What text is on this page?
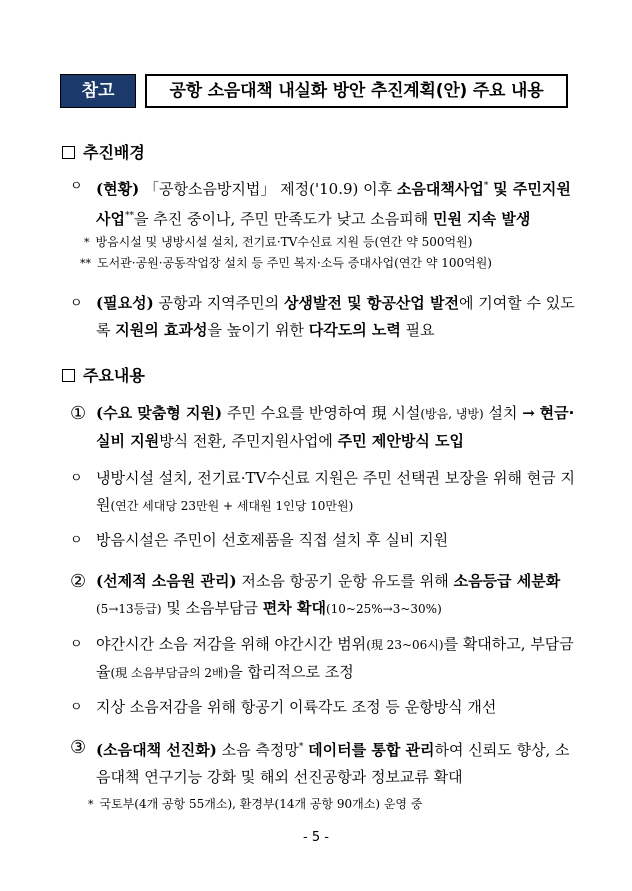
참고	공항 소음대책 내실화 방안 추진계획(안) 주요 내용
추진배경
ㅇ (현황) 「공항소음방지법」 제정('10.9) 이후 소음대책사업* 및 주민지원 사업**을 추진 중이나, 주민 만족도가 낮고 소음피해 민원 지속 발생
* 방음시설 및 냉방시설 설치, 전기료·TV수신료 지원 등(연간 약 500억원)
** 도서관·공원·공동작업장 설치 등 주민 복지·소득 증대사업(연간 약 100억원)
ㅇ (필요성) 공항과 지역주민의 상생발전 및 항공산업 발전에 기여할 수 있도록 지원의 효과성을 높이기 위한 다각도의 노력 필요
주요내용
① (수요 맞춤형 지원) 주민 수요를 반영하여 現 시설(방음, 냉방) 설치 → 현금·실비 지원방식 전환, 주민지원사업에 주민 제안방식 도입
ㅇ 냉방시설 설치, 전기료·TV수신료 지원은 주민 선택권 보장을 위해 현금 지원(연간 세대당 23만원 + 세대원 1인당 10만원)
ㅇ 방음시설은 주민이 선호제품을 직접 설치 후 실비 지원
② (선제적 소음원 관리) 저소음 항공기 운항 유도를 위해 소음등급 세분화(5→13등급) 및 소음부담금 편차 확대(10~25%→3~30%)
ㅇ 야간시간 소음 저감을 위해 야간시간 범위(現 23~06시)를 확대하고, 부담금율(現 소음부담금의 2배)을 합리적으로 조정
ㅇ 지상 소음저감을 위해 항공기 이륙각도 조정 등 운항방식 개선
③ (소음대책 선진화) 소음 측정망* 데이터를 통합 관리하여 신뢰도 향상, 소음대책 연구기능 강화 및 해외 선진공항과 정보교류 확대
* 국토부(4개 공항 55개소), 환경부(14개 공항 90개소) 운영 중
- 5 -
